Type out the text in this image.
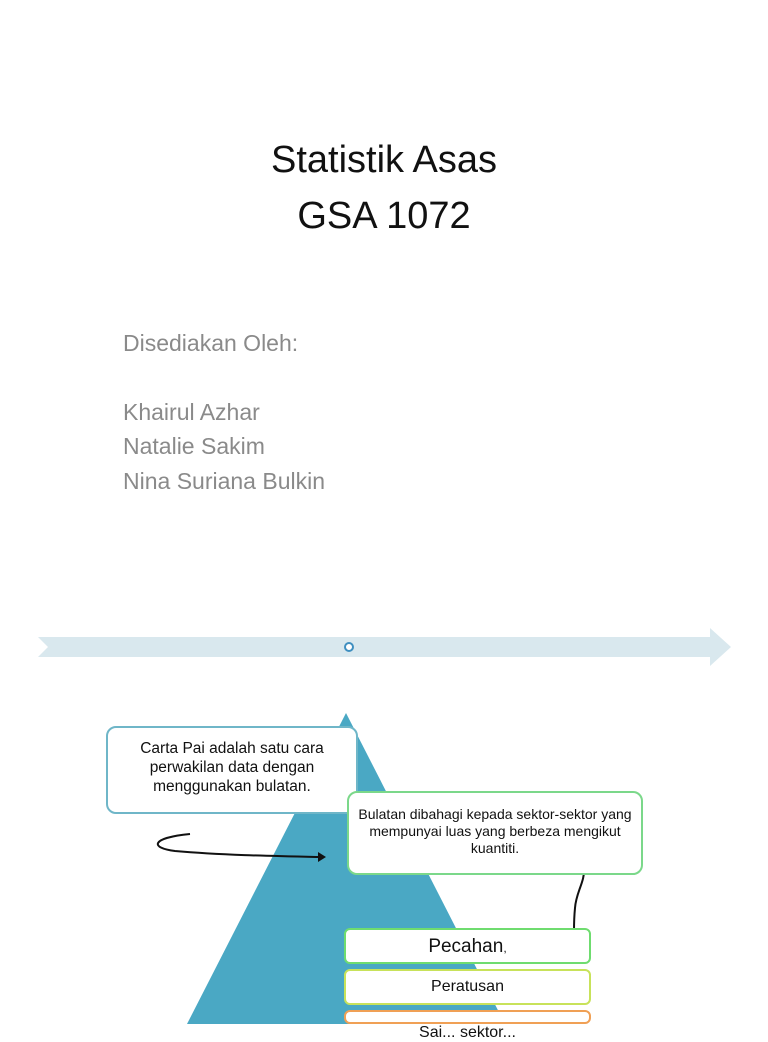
Statistik Asas
GSA 1072
Disediakan Oleh:
Khairul Azhar
Natalie Sakim
Nina Suriana Bulkin
Carta Pai adalah satu cara perwakilan data dengan menggunakan bulatan.
Bulatan dibahagi kepada sektor-sektor yang mempunyai luas yang berbeza mengikut kuantiti.
Pecahan,
Peratusan
Sai... sektor...
